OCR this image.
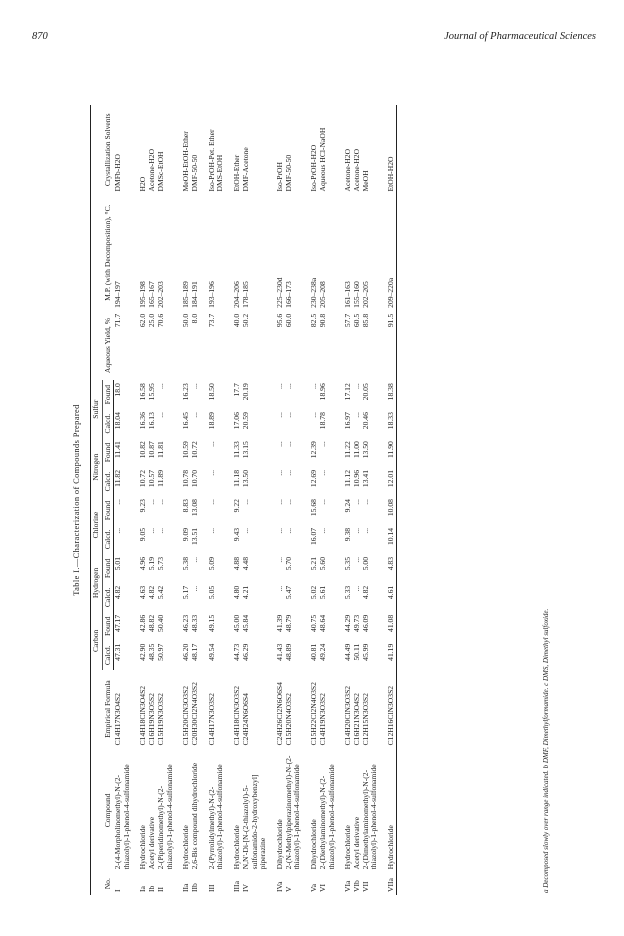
870	Journal of Pharmaceutical Sciences
Table I.—Characterization of Compounds Prepared
No.	Compound	Empirical Formula	Carbon		Hydrogen		Chlorine		Nitrogen		Sulfur		Aqueous Yield, %	M.P. (with Decomposition), °C.	Crystallization Solvents
			Calcd.	Found	Calcd.	Found	Calcd.	Found	Calcd.	Found	Calcd.	Found			
I	2-(4-Morpholinomethyl)-N-(2-thiazolyl)-1-phenol-4-sulfonamide	C14H17N3O4S2	47.31	47.17	4.82	5.01	...	...	11.82	11.41	18.04	18.0	71.7	194–197	DMFb-H2O
Ia	Hydrochloride	C14H18ClN3O4S2	42.90	42.86	4.63	4.96	9.05	9.23	10.72	10.82	16.36	16.58	62.0	195–198	H2O
Ib	Acetyl derivative	C16H19N3O5S2	48.35	48.82	4.82	5.19	...	...	10.57	10.87	16.13	15.95	25.0	165–167	Acetone-H2O
II	2-(Piperidinomethyl)-N-(2-thiazolyl)-1-phenol-4-sulfonamide	C15H19N3O3S2	50.97	50.40	5.42	5.73	...	...	11.89	11.81	...	...	70.6	202–203	DMSc-EtOH
IIa	Hydrochloride	C15H20ClN3O3S2	46.20	46.23	5.17	5.38	9.09	8.83	10.78	10.59	16.45	16.23	50.0	185–189	MeOH-EtOH-Ether
IIb	2,6-Bis compound dihydrochloride	C20H30Cl2N4O3S2	48.17	48.33	...	...	13.51	13.08	10.70	10.72	...	...	8.0	184–191	DMF-50-50
III	2-(Pyrrolidylmethyl)-N-(2-thiazolyl)-1-phenol-4-sulfonamide	C14H17N3O3S2	49.54	49.15	5.05	5.09	...	...	...	...	18.89	18.50	73.7	193–196	Iso-PrOH-Pet. Ether
DMS-EtOH
IIIa	Hydrochloride	C14H18ClN3O3S2	44.73	45.00	4.80	4.88	9.43	9.22	11.18	11.33	17.06	17.7	40.0	204–206	EtOH-Ether
IV	N,N'-Di-[N-(2-thiazolyl)-5-sulfonamido-2-hydroxybenzyl] piperazine	C24H24N6O6S4	46.29	45.84	4.21	4.48	...	...	13.50	13.15	20.59	20.19	50.2	178–185	DMF-Acetone
IVa	Dihydrochloride	C24H26Cl2N6O6S4	41.43	41.39	...	...	...	...	...	...	...	...	95.6	225–230d	Iso-PrOH
V	2-(N-Methylpiperazinomethyl)-N-(2-thiazolyl)-1-phenol-4-sulfonamide	C15H20N4O3S2	48.89	48.79	5.47	5.70	...	...	...	...	...	...	60.0	166–173	DMF-50-50
Va	Dihydrochloride	C15H22Cl2N4O3S2	40.81	40.75	5.02	5.21	16.07	15.68	12.69	12.39	...	...	82.5	230–238a	Iso-PrOH-H2O
VI	2-(Diethylaminomethyl)-N-(2-thiazolyl)-1-phenol-4-sulfonamide	C14H19N3O3S2	49.24	48.64	5.61	5.60	...	...	...	...	18.78	18.96	90.8	205–208	Aqueous HCl-NaOH
VIa	Hydrochloride	C14H20ClN3O3S2	44.49	44.29	5.33	5.35	9.38	9.24	11.12	11.22	16.97	17.12	57.7	161–163	Acetone-H2O
VIb	Acetyl derivative	C16H21N3O4S2	50.11	49.73	...	...	...	...	10.96	11.00	...	...	60.5	155–160	Acetone-H2O
VII	2-(Dimethylaminomethyl)-N-(2-thiazolyl)-1-phenol-4-sulfonamide	C12H15N3O3S2	45.99	46.09	4.82	5.00	...	...	13.41	13.50	20.46	20.05	85.8	202–205	MeOH
VIIa	Hydrochloride	C12H16ClN3O3S2	41.19	41.08	4.61	4.83	10.14	10.08	12.01	11.90	18.33	18.38	91.5	209–220a	EtOH-H2O
a Decomposed slowly over range indicated. b DMF, Dimethylformamide. c DMS, Dimethyl sulfoxide.
